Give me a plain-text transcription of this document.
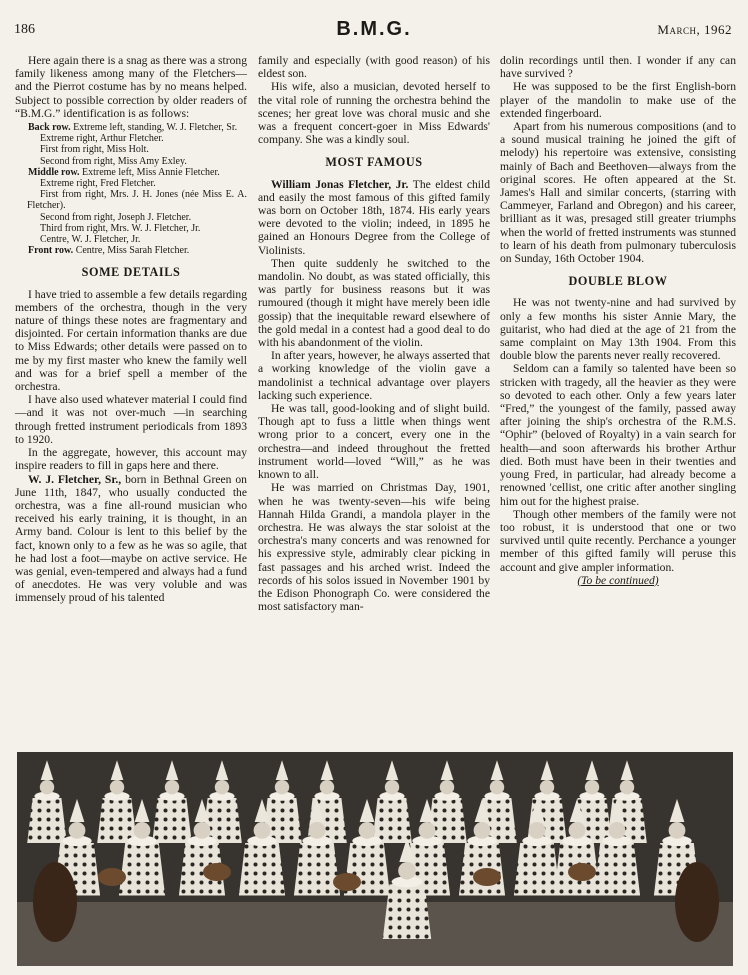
186	B.M.G.	March, 1962

Here again there is a snag as there was a strong family likeness among many of the Fletchers—and the Pierrot costume has by no means helped. Subject to possible correction by older readers of “B.M.G.” identification is as follows:

Back row. Extreme left, standing, W. J. Fletcher, Sr.

Extreme right, Arthur Fletcher.

First from right, Miss Holt.

Second from right, Miss Amy Exley.

Middle row. Extreme left, Miss Annie Fletcher.

Extreme right, Fred Fletcher.

First from right, Mrs. J. H. Jones (née Miss E. A. Fletcher).

Second from right, Joseph J. Fletcher.

Third from right, Mrs. W. J. Fletcher, Jr.

Centre, W. J. Fletcher, Jr.

Front row. Centre, Miss Sarah Fletcher.

SOME DETAILS

I have tried to assemble a few details regarding members of the orchestra, though in the very nature of things these notes are fragmentary and disjointed. For certain information thanks are due to Miss Edwards; other details were passed on to me by my first master who knew the family well and was for a brief spell a member of the orchestra.

I have also used whatever material I could find—and it was not over-much —in searching through fretted instrument periodicals from 1893 to 1920.

In the aggregate, however, this account may inspire readers to fill in gaps here and there.

W. J. Fletcher, Sr., born in Bethnal Green on June 11th, 1847, who usually conducted the orchestra, was a fine all-round musician who received his early training, it is thought, in an Army band. Colour is lent to this belief by the fact, known only to a few as he was so agile, that he had lost a foot—maybe on active service. He was genial, even-tempered and always had a fund of anecdotes. He was very voluble and was immensely proud of his talented

family and especially (with good reason) of his eldest son.

His wife, also a musician, devoted herself to the vital role of running the orchestra behind the scenes; her great love was choral music and she was a frequent concert-goer in Miss Edwards' company. She was a kindly soul.

MOST FAMOUS

William Jonas Fletcher, Jr. The eldest child and easily the most famous of this gifted family was born on October 18th, 1874. His early years were devoted to the violin; indeed, in 1895 he gained an Honours Degree from the College of Violinists.

Then quite suddenly he switched to the mandolin. No doubt, as was stated officially, this was partly for business reasons but it was rumoured (though it might have merely been idle gossip) that the inequitable reward elsewhere of the gold medal in a contest had a good deal to do with his abandonment of the violin.

In after years, however, he always asserted that a working knowledge of the violin gave a mandolinist a technical advantage over players lacking such experience.

He was tall, good-looking and of slight build. Though apt to fuss a little when things went wrong prior to a concert, every one in the orchestra—and indeed throughout the fretted instrument world—loved “Will,” as he was known to all.

He was married on Christmas Day, 1901, when he was twenty-seven—his wife being Hannah Hilda Grandi, a mandola player in the orchestra. He was always the star soloist at the orchestra's many concerts and was renowned for his expressive style, admirably clear picking in fast passages and his arched wrist. Indeed the records of his solos issued in November 1901 by the Edison Phonograph Co. were considered the most satisfactory man-

dolin recordings until then. I wonder if any can have survived ?

He was supposed to be the first English-born player of the mandolin to make use of the extended fingerboard.

Apart from his numerous compositions (and to a sound musical training he joined the gift of melody) his repertoire was extensive, consisting mainly of Bach and Beethoven—always from the original scores. He often appeared at the St. James's Hall and similar concerts, (starring with Cammeyer, Farland and Obregon) and his career, brilliant as it was, presaged still greater triumphs when the world of fretted instruments was stunned to learn of his death from pulmonary tuberculosis on Sunday, 16th October 1904.

DOUBLE BLOW

He was not twenty-nine and had survived by only a few months his sister Annie Mary, the guitarist, who had died at the age of 21 from the same complaint on May 13th 1904. From this double blow the parents never really recovered.

Seldom can a family so talented have been so stricken with tragedy, all the heavier as they were so devoted to each other. Only a few years later “Fred,” the youngest of the family, passed away after joining the ship's orchestra of the R.M.S. “Ophir” (beloved of Royalty) in a vain search for health—and soon afterwards his brother Arthur died. Both must have been in their twenties and young Fred, in particular, had already become a renowned 'cellist, one critic after another singling him out for the highest praise.

Though other members of the family were not too robust, it is understood that one or two survived until quite recently. Perchance a younger member of this gifted family will peruse this account and give ampler information.

(To be continued)
